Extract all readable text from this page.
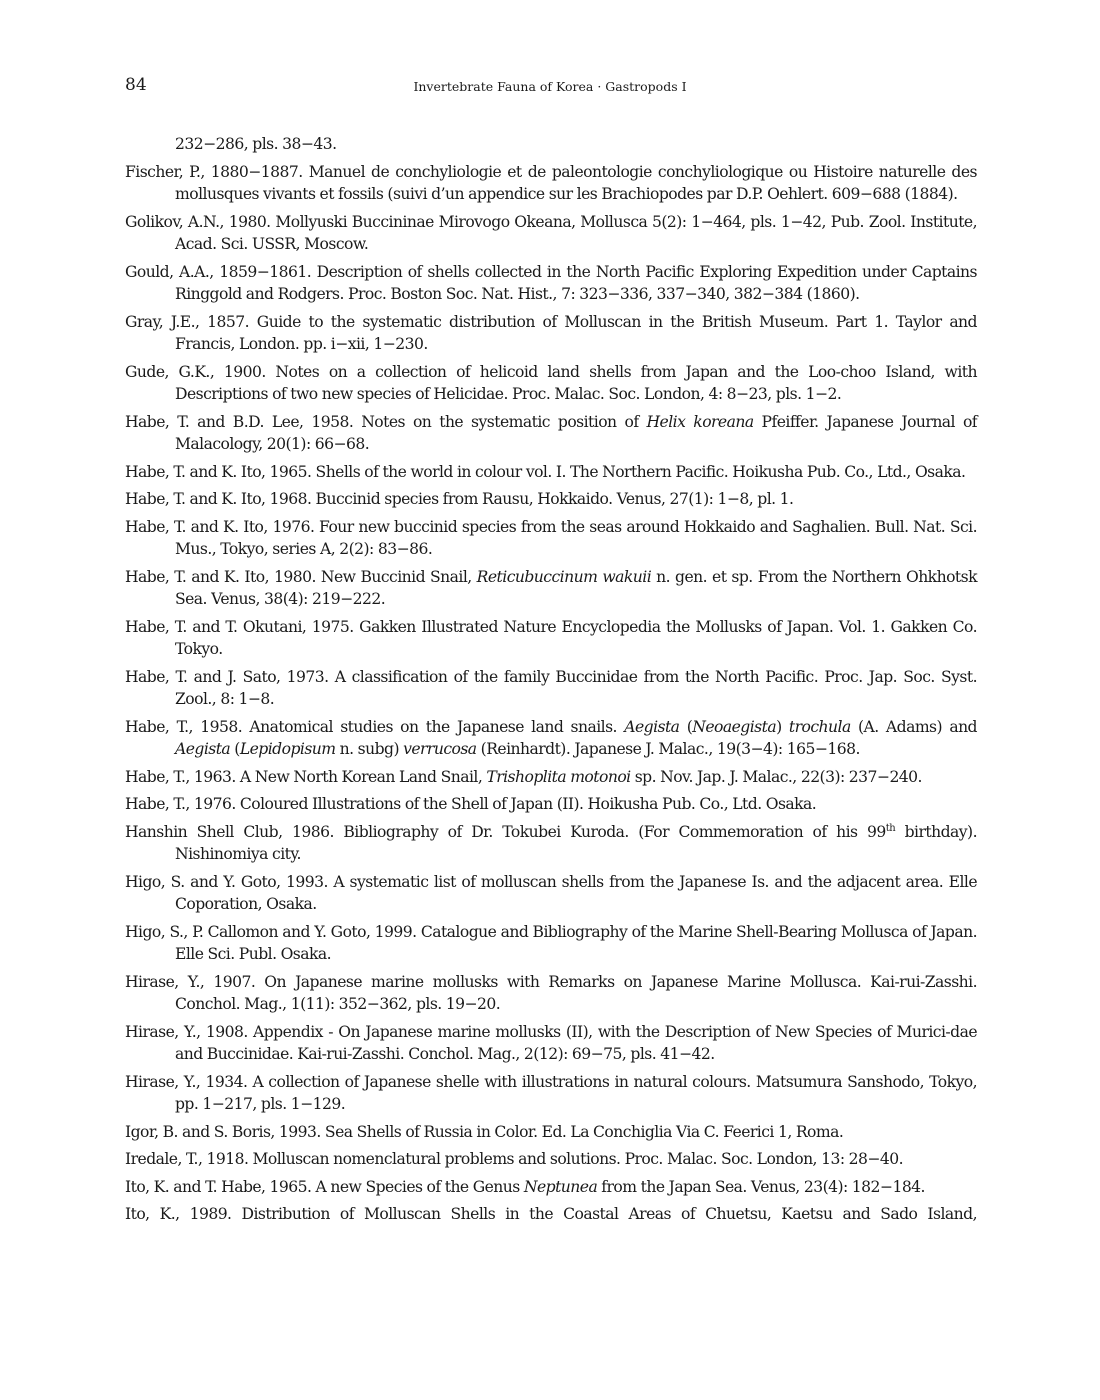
84	Invertebrate Fauna of Korea · Gastropods I

232−286, pls. 38−43.

Fischer, P., 1880−1887. Manuel de conchyliologie et de paleontologie conchyliologique ou Histoire naturelle des mollusques vivants et fossils (suivi d’un appendice sur les Brachiopodes par D.P. Oehlert. 609−688 (1884).

Golikov, A.N., 1980. Mollyuski Buccininae Mirovogo Okeana, Mollusca 5(2): 1−464, pls. 1−42, Pub. Zool. Institute, Acad. Sci. USSR, Moscow.

Gould, A.A., 1859−1861. Description of shells collected in the North Pacific Exploring Expedition under Captains Ringgold and Rodgers. Proc. Boston Soc. Nat. Hist., 7: 323−336, 337−340, 382−384 (1860).

Gray, J.E., 1857. Guide to the systematic distribution of Molluscan in the British Museum. Part 1. Taylor and Francis, London. pp. i−xii, 1−230.

Gude, G.K., 1900. Notes on a collection of helicoid land shells from Japan and the Loo-choo Island, with Descriptions of two new species of Helicidae. Proc. Malac. Soc. London, 4: 8−23, pls. 1−2.

Habe, T. and B.D. Lee, 1958. Notes on the systematic position of Helix koreana Pfeiffer. Japanese Journal of Malacology, 20(1): 66−68.

Habe, T. and K. Ito, 1965. Shells of the world in colour vol. I. The Northern Pacific. Hoikusha Pub. Co., Ltd., Osaka.

Habe, T. and K. Ito, 1968. Buccinid species from Rausu, Hokkaido. Venus, 27(1): 1−8, pl. 1.

Habe, T. and K. Ito, 1976. Four new buccinid species from the seas around Hokkaido and Saghalien. Bull. Nat. Sci. Mus., Tokyo, series A, 2(2): 83−86.

Habe, T. and K. Ito, 1980. New Buccinid Snail, Reticubuccinum wakuii n. gen. et sp. From the Northern Ohkhotsk Sea. Venus, 38(4): 219−222.

Habe, T. and T. Okutani, 1975. Gakken Illustrated Nature Encyclopedia the Mollusks of Japan. Vol. 1. Gakken Co. Tokyo.

Habe, T. and J. Sato, 1973. A classification of the family Buccinidae from the North Pacific. Proc. Jap. Soc. Syst. Zool., 8: 1−8.

Habe, T., 1958. Anatomical studies on the Japanese land snails. Aegista (Neoaegista) trochula (A. Adams) and Aegista (Lepidopisum n. subg) verrucosa (Reinhardt). Japanese J. Malac., 19(3−4): 165−168.

Habe, T., 1963. A New North Korean Land Snail, Trishoplita motonoi sp. Nov. Jap. J. Malac., 22(3): 237−240.

Habe, T., 1976. Coloured Illustrations of the Shell of Japan (II). Hoikusha Pub. Co., Ltd. Osaka.

Hanshin Shell Club, 1986. Bibliography of Dr. Tokubei Kuroda. (For Commemoration of his 99th birthday). Nishinomiya city.

Higo, S. and Y. Goto, 1993. A systematic list of molluscan shells from the Japanese Is. and the adjacent area. Elle Coporation, Osaka.

Higo, S., P. Callomon and Y. Goto, 1999. Catalogue and Bibliography of the Marine Shell-Bearing Mollusca of Japan. Elle Sci. Publ. Osaka.

Hirase, Y., 1907. On Japanese marine mollusks with Remarks on Japanese Marine Mollusca. Kai-rui-Zasshi. Conchol. Mag., 1(11): 352−362, pls. 19−20.

Hirase, Y., 1908. Appendix - On Japanese marine mollusks (II), with the Description of New Species of Murici-dae and Buccinidae. Kai-rui-Zasshi. Conchol. Mag., 2(12): 69−75, pls. 41−42.

Hirase, Y., 1934. A collection of Japanese shelle with illustrations in natural colours. Matsumura Sanshodo, Tokyo, pp. 1−217, pls. 1−129.

Igor, B. and S. Boris, 1993. Sea Shells of Russia in Color. Ed. La Conchiglia Via C. Feerici 1, Roma.

Iredale, T., 1918. Molluscan nomenclatural problems and solutions. Proc. Malac. Soc. London, 13: 28−40.

Ito, K. and T. Habe, 1965. A new Species of the Genus Neptunea from the Japan Sea. Venus, 23(4): 182−184.

Ito, K., 1989. Distribution of Molluscan Shells in the Coastal Areas of Chuetsu, Kaetsu and Sado Island,
